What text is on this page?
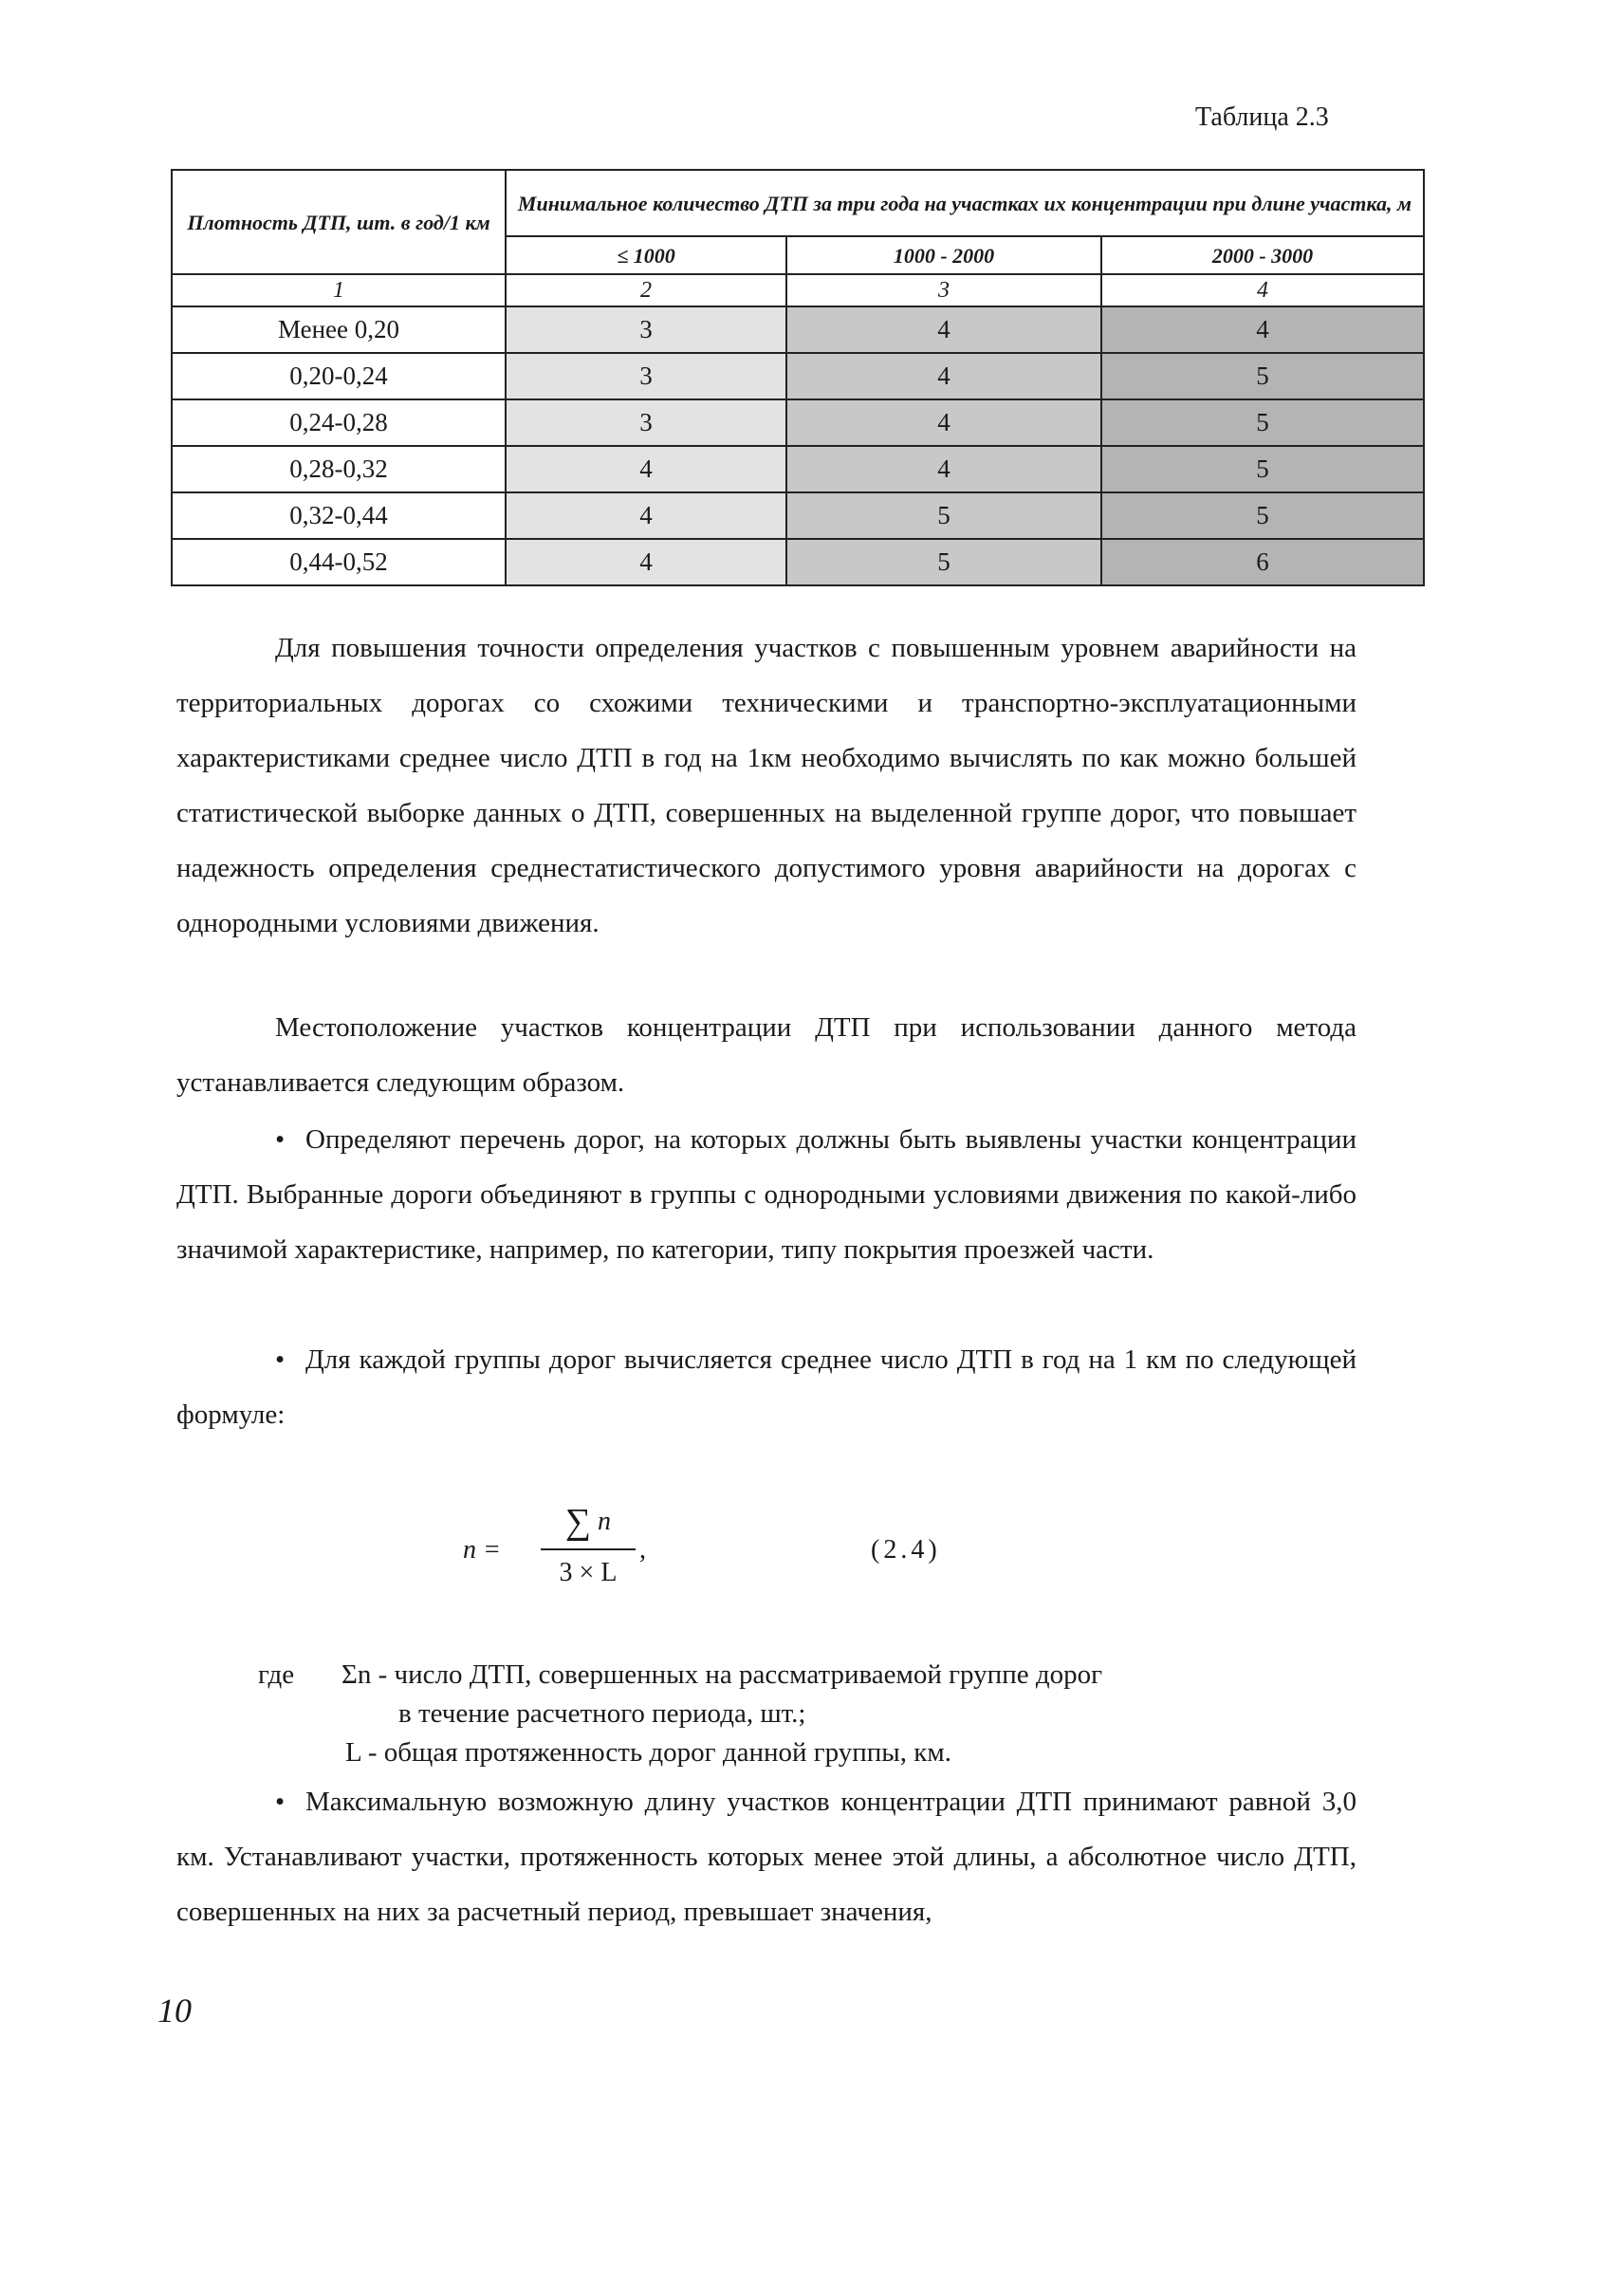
Таблица 2.3
Плотность ДТП, шт. в год/1 км	Минимальное количество ДТП за три года на участках их концентрации при длине участка, м		
	≤ 1000	1000 - 2000	2000 - 3000
1	2	3	4
Менее 0,20	3	4	4
0,20-0,24	3	4	5
0,24-0,28	3	4	5
0,28-0,32	4	4	5
0,32-0,44	4	5	5
0,44-0,52	4	5	6
Для повышения точности определения участков с повышенным уровнем аварийности на территориальных дорогах со схожими техническими и транспортно-эксплуатационными характеристиками среднее число ДТП в год на 1км необходимо вычислять по как можно большей статистической выборке данных о ДТП, совершенных на выделенной группе дорог, что повышает надежность определения среднестатистического допустимого уровня аварийности на дорогах с однородными условиями движения.
Местоположение участков концентрации ДТП при использовании данного метода устанавливается следующим образом.
• Определяют перечень дорог, на которых должны быть выявлены участки концентрации ДТП. Выбранные дороги объединяют в группы с однородными условиями движения по какой-либо значимой характеристике, например, по категории, типу покрытия проезжей части.
• Для каждой группы дорог вычисляется среднее число ДТП в год на 1 км по следующей формуле:
n =
∑ n
3 × L
,	(2.4)
где Σn - число ДТП, совершенных на рассматриваемой группе дорог
в течение расчетного периода, шт.;
L - общая протяженность дорог данной группы, км.
• Максимальную возможную длину участков концентрации ДТП принимают равной 3,0 км. Устанавливают участки, протяженность которых менее этой длины, а абсолютное число ДТП, совершенных на них за расчетный период, превышает значения,
10
